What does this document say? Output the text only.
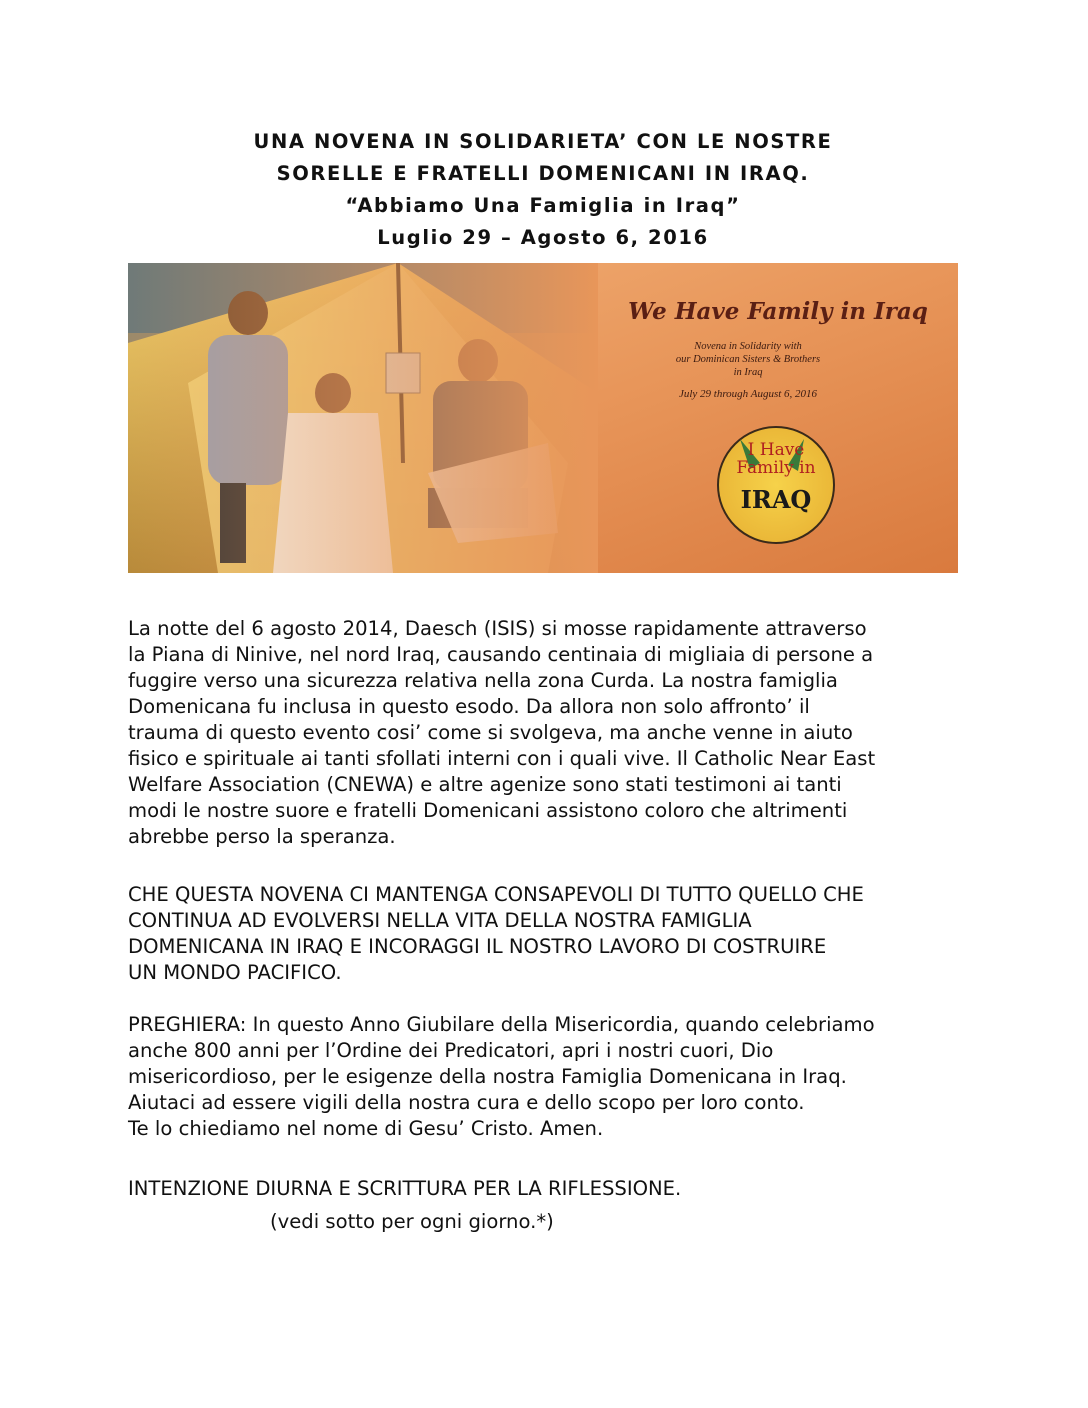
UNA NOVENA IN SOLIDARIETA’ CON LE NOSTRE
SORELLE E FRATELLI DOMENICANI IN IRAQ.
“Abbiamo Una Famiglia in Iraq”
Luglio 29 – Agosto 6, 2016
We Have Family in Iraq
Novena in Solidarity with
our Dominican Sisters & Brothers
in Iraq
July 29 through August 6, 2016
I Have
Family in
IRAQ
La notte del 6 agosto 2014, Daesch (ISIS) si mosse rapidamente attraverso
la Piana di Ninive, nel nord Iraq, causando centinaia di migliaia di persone a
fuggire verso una sicurezza relativa nella zona Curda. La nostra famiglia
Domenicana fu inclusa in questo esodo. Da allora non solo affronto’ il
trauma di questo evento cosi’ come si svolgeva, ma anche venne in aiuto
fisico e spirituale ai tanti sfollati interni con i quali vive. Il Catholic Near East
Welfare Association (CNEWA) e altre agenize sono stati testimoni ai tanti
modi le nostre suore e fratelli Domenicani assistono coloro che altrimenti
abrebbe perso la speranza.
CHE QUESTA NOVENA CI MANTENGA CONSAPEVOLI DI TUTTO QUELLO CHE
CONTINUA AD EVOLVERSI NELLA VITA DELLA NOSTRA FAMIGLIA
DOMENICANA IN IRAQ E INCORAGGI IL NOSTRO LAVORO DI COSTRUIRE
UN MONDO PACIFICO.
PREGHIERA: In questo Anno Giubilare della Misericordia, quando celebriamo
anche 800 anni per l’Ordine dei Predicatori, apri i nostri cuori, Dio
misericordioso, per le esigenze della nostra Famiglia Domenicana in Iraq.
Aiutaci ad essere vigili della nostra cura e dello scopo per loro conto.
Te lo chiediamo nel nome di Gesu’ Cristo. Amen.
INTENZIONE DIURNA E SCRITTURA PER LA RIFLESSIONE.
(vedi sotto per ogni giorno.*)
